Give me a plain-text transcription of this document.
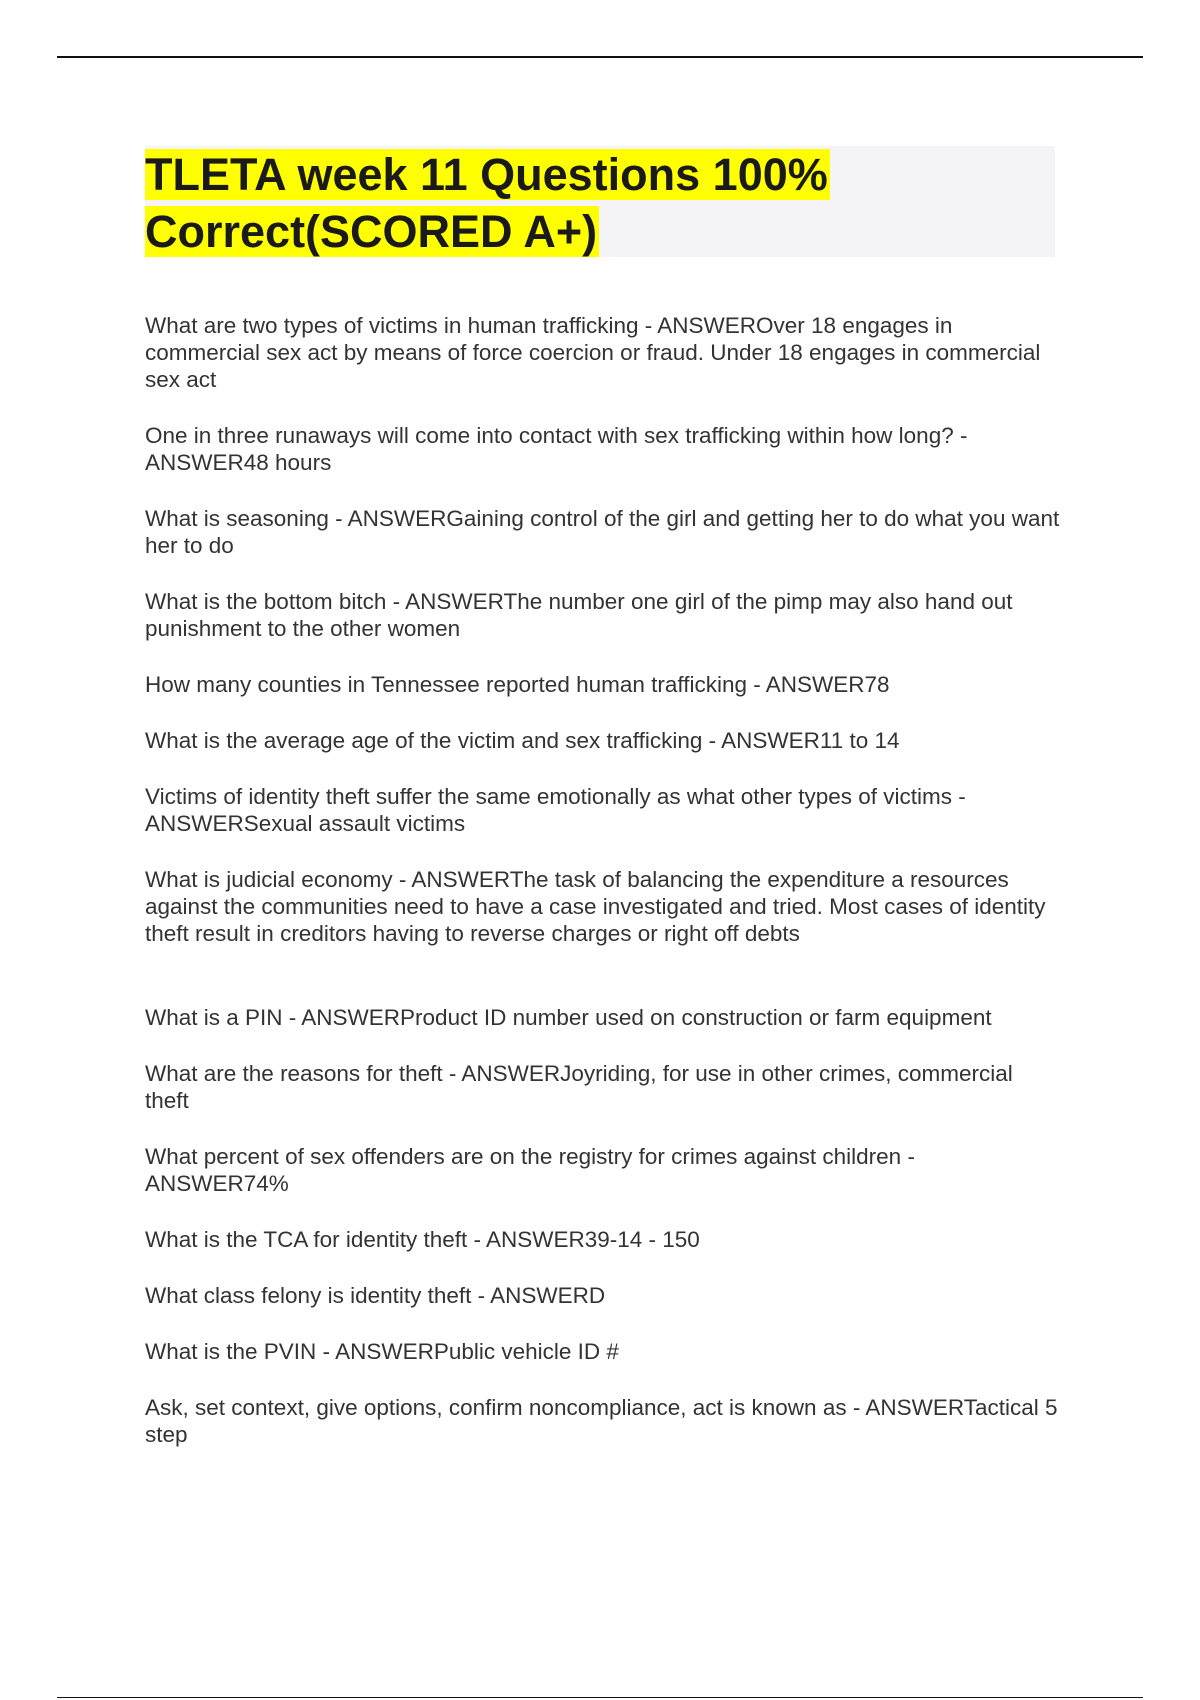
TLETA week 11 Questions 100% Correct(SCORED A+)
What are two types of victims in human trafficking - ANSWEROver 18 engages in commercial sex act by means of force coercion or fraud. Under 18 engages in commercial sex act
One in three runaways will come into contact with sex trafficking within how long? - ANSWER48 hours
What is seasoning - ANSWERGaining control of the girl and getting her to do what you want her to do
What is the bottom bitch - ANSWERThe number one girl of the pimp may also hand out punishment to the other women
How many counties in Tennessee reported human trafficking - ANSWER78
What is the average age of the victim and sex trafficking - ANSWER11 to 14
Victims of identity theft suffer the same emotionally as what other types of victims - ANSWERSexual assault victims
What is judicial economy - ANSWERThe task of balancing the expenditure a resources against the communities need to have a case investigated and tried. Most cases of identity theft result in creditors having to reverse charges or right off debts
What is a PIN - ANSWERProduct ID number used on construction or farm equipment
What are the reasons for theft - ANSWERJoyriding, for use in other crimes, commercial theft
What percent of sex offenders are on the registry for crimes against children - ANSWER74%
What is the TCA for identity theft - ANSWER39-14 - 150
What class felony is identity theft - ANSWERD
What is the PVIN - ANSWERPublic vehicle ID #
Ask, set context, give options, confirm noncompliance, act is known as - ANSWERTactical 5 step
